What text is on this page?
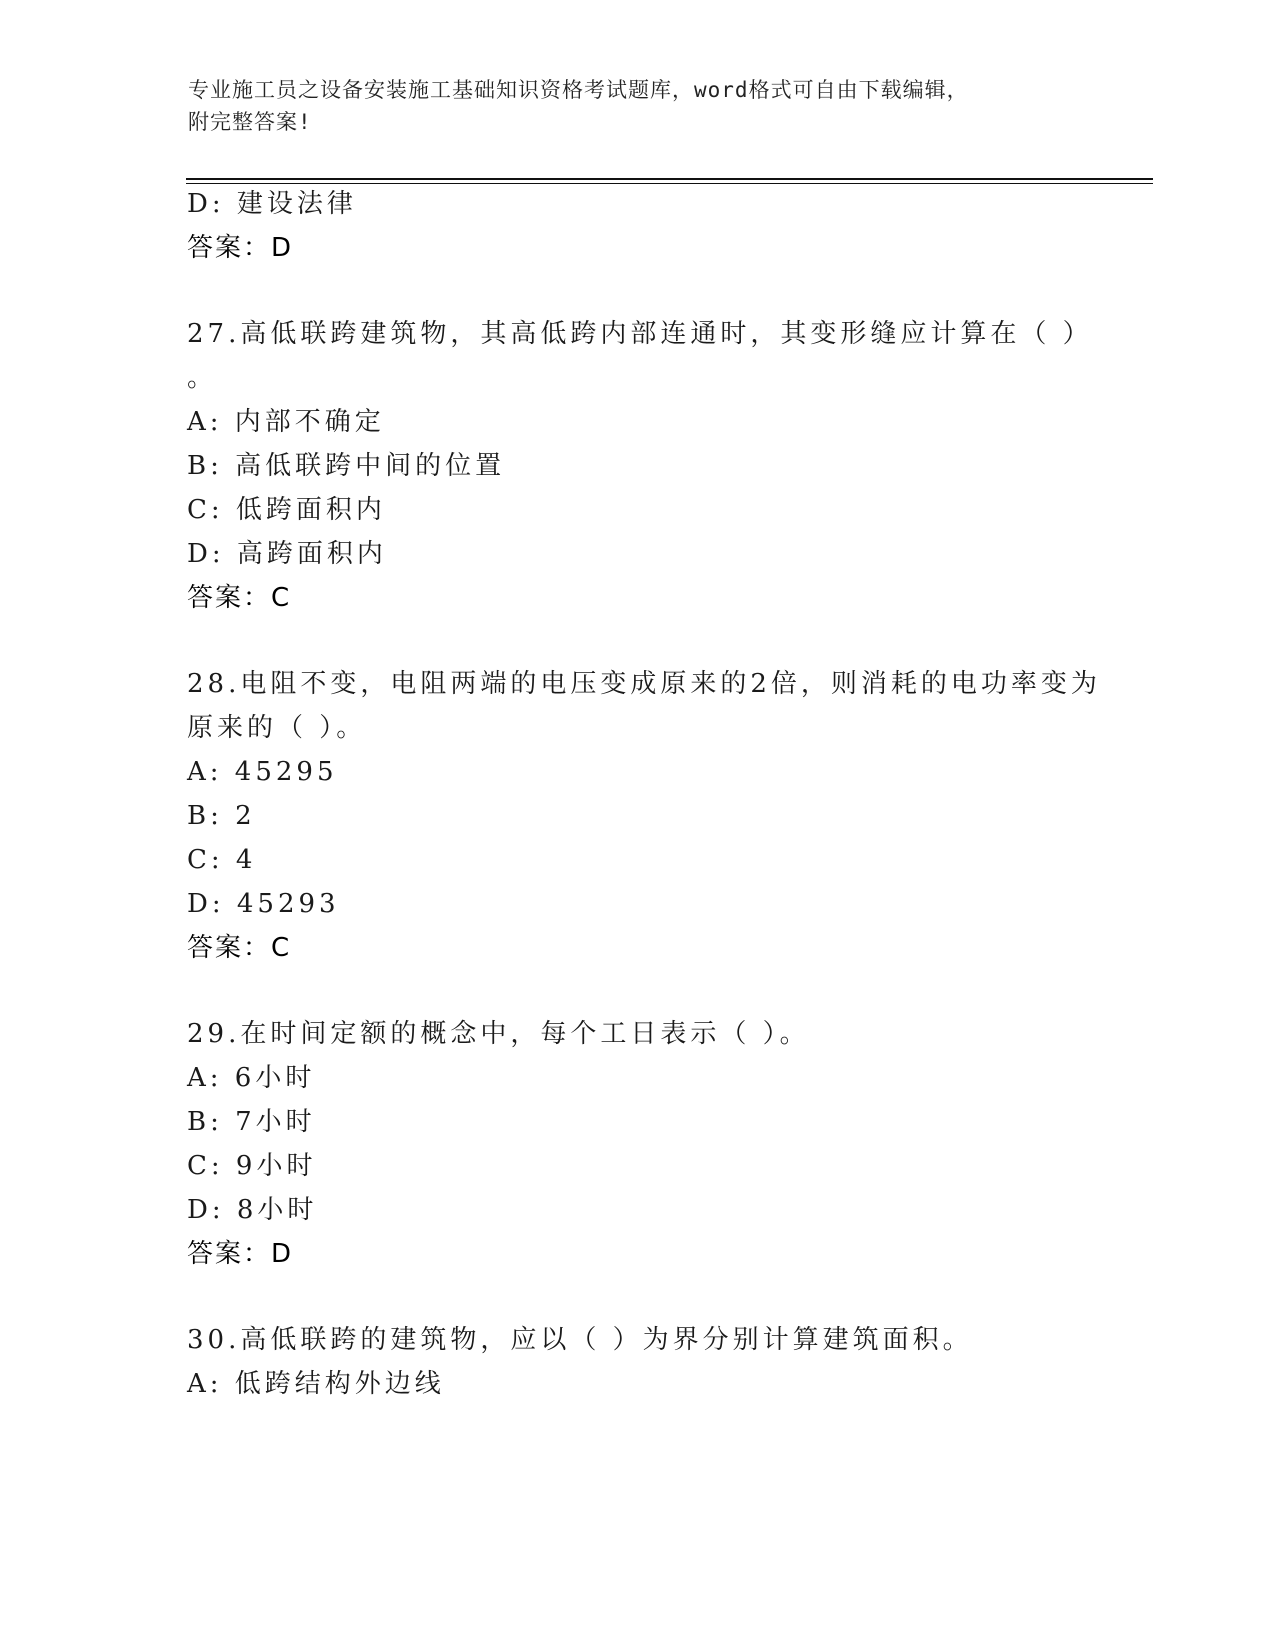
专业施工员之设备安装施工基础知识资格考试题库，word格式可自由下载编辑，
附完整答案!
D: 建设法律
答案：D
27.高低联跨建筑物，其高低跨内部连通时，其变形缝应计算在（ ）
。
A: 内部不确定
B: 高低联跨中间的位置
C: 低跨面积内
D: 高跨面积内
答案：C
28.电阻不变，电阻两端的电压变成原来的2倍，则消耗的电功率变为
原来的（ ）。
A: 45295
B: 2
C: 4
D: 45293
答案：C
29.在时间定额的概念中，每个工日表示（ ）。
A: 6小时
B: 7小时
C: 9小时
D: 8小时
答案：D
30.高低联跨的建筑物，应以（ ）为界分别计算建筑面积。
A: 低跨结构外边线
